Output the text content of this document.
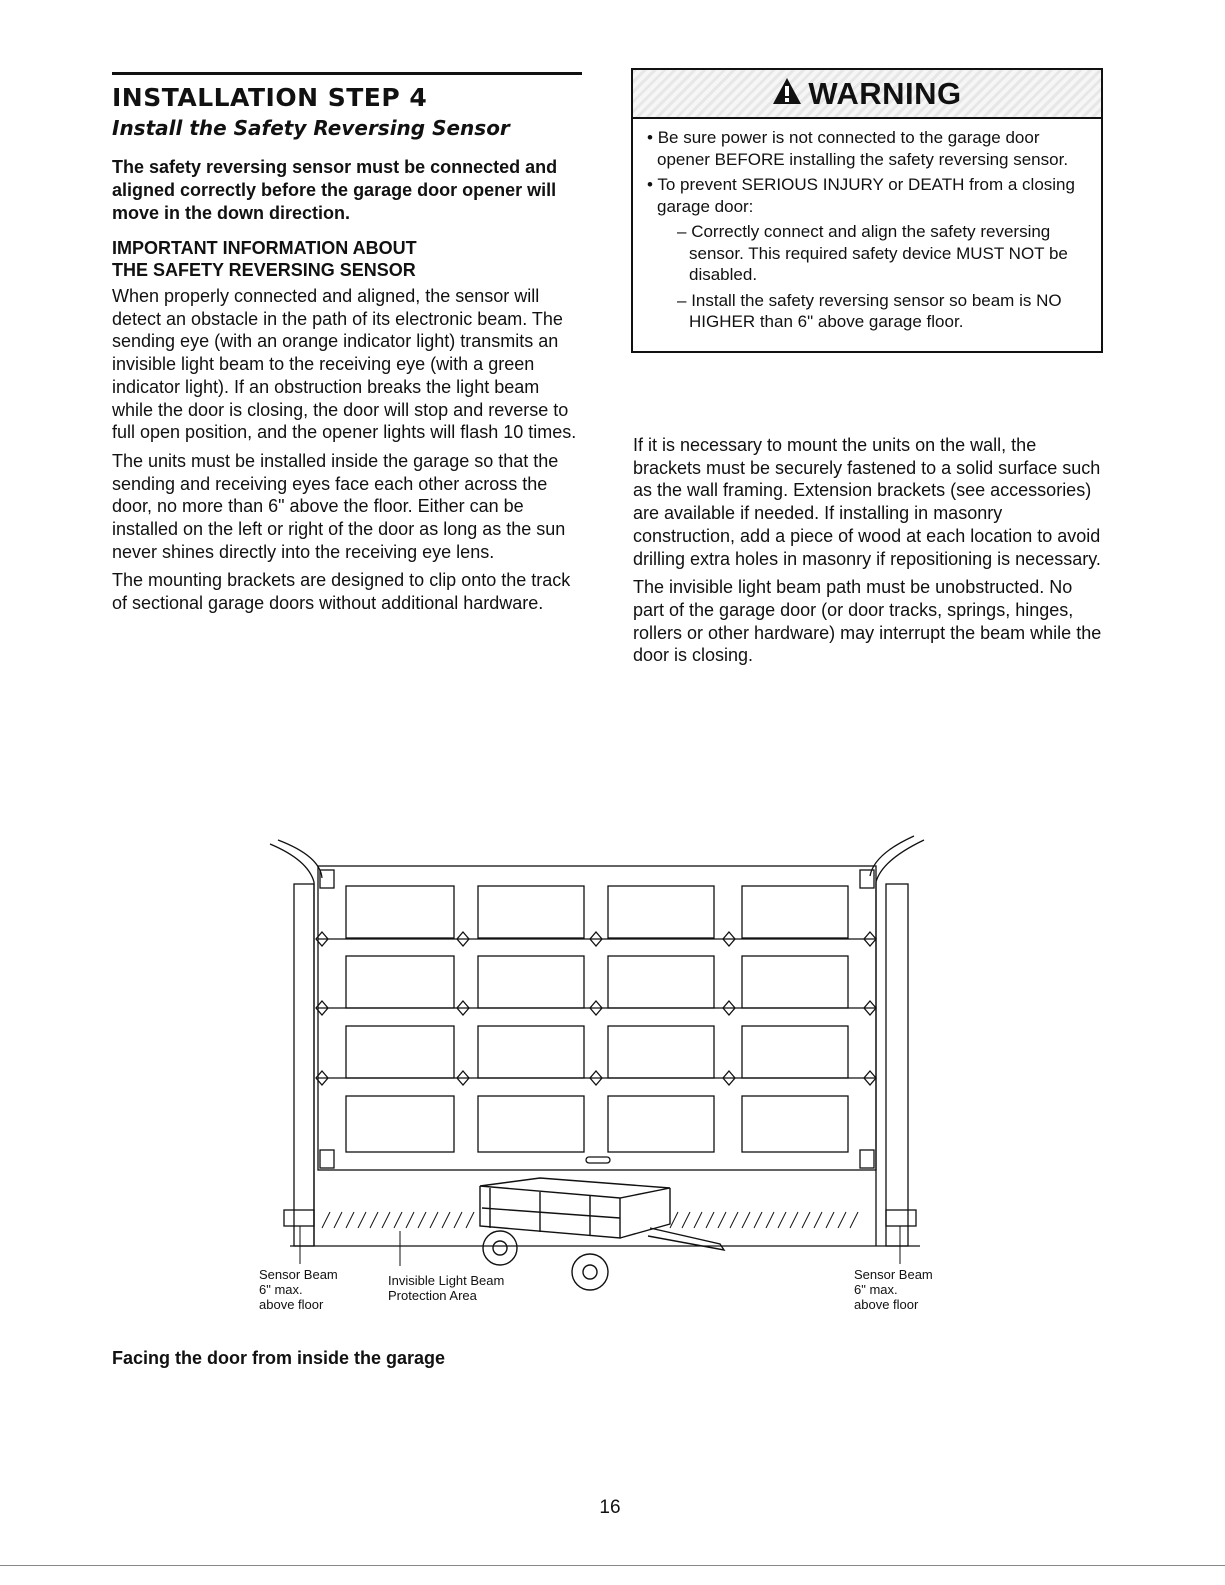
INSTALLATION STEP 4
Install the Safety Reversing Sensor
The safety reversing sensor must be connected and aligned correctly before the garage door opener will move in the down direction.
IMPORTANT INFORMATION ABOUT
THE SAFETY REVERSING SENSOR
When properly connected and aligned, the sensor will detect an obstacle in the path of its electronic beam. The sending eye (with an orange indicator light) transmits an invisible light beam to the receiving eye (with a green indicator light). If an obstruction breaks the light beam while the door is closing, the door will stop and reverse to full open position, and the opener lights will flash 10 times.
The units must be installed inside the garage so that the sending and receiving eyes face each other across the door, no more than 6" above the floor. Either can be installed on the left or right of the door as long as the sun never shines directly into the receiving eye lens.
The mounting brackets are designed to clip onto the track of sectional garage doors without additional hardware.
WARNING
• Be sure power is not connected to the garage door opener BEFORE installing the safety reversing sensor.
• To prevent SERIOUS INJURY or DEATH from a closing garage door:
– Correctly connect and align the safety reversing sensor. This required safety device MUST NOT be disabled.
– Install the safety reversing sensor so beam is NO HIGHER than 6" above garage floor.
If it is necessary to mount the units on the wall, the brackets must be securely fastened to a solid surface such as the wall framing. Extension brackets (see accessories) are available if needed. If installing in masonry construction, add a piece of wood at each location to avoid drilling extra holes in masonry if repositioning is necessary.
The invisible light beam path must be unobstructed. No part of the garage door (or door tracks, springs, hinges, rollers or other hardware) may interrupt the beam while the door is closing.
Sensor Beam
6" max.
above floor
Invisible Light Beam
Protection Area
Sensor Beam
6" max.
above floor
Facing the door from inside the garage
16
